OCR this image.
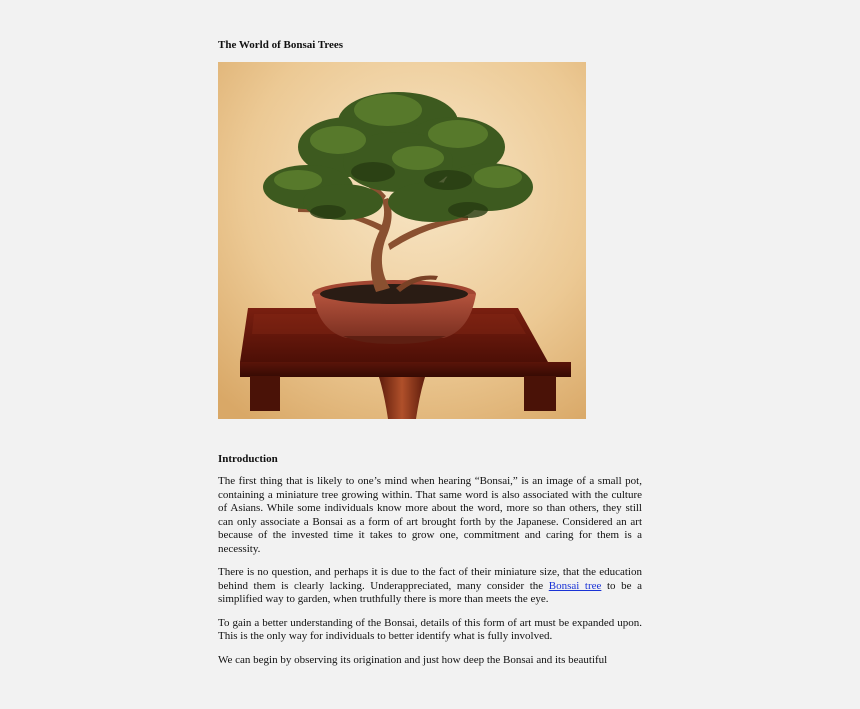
The World of Bonsai Trees
Introduction

The first thing that is likely to one’s mind when hearing “Bonsai,” is an image of a small pot, containing a miniature tree growing within. That same word is also associated with the culture of Asians. While some individuals know more about the word, more so than others, they still can only associate a Bonsai as a form of art brought forth by the Japanese. Considered an art because of the invested time it takes to grow one, commitment and caring for them is a necessity.

There is no question, and perhaps it is due to the fact of their miniature size, that the education behind them is clearly lacking. Underappreciated, many consider the Bonsai tree to be a simplified way to garden, when truthfully there is more than meets the eye.

To gain a better understanding of the Bonsai, details of this form of art must be expanded upon. This is the only way for individuals to better identify what is fully involved.

We can begin by observing its origination and just how deep the Bonsai and its beautiful
